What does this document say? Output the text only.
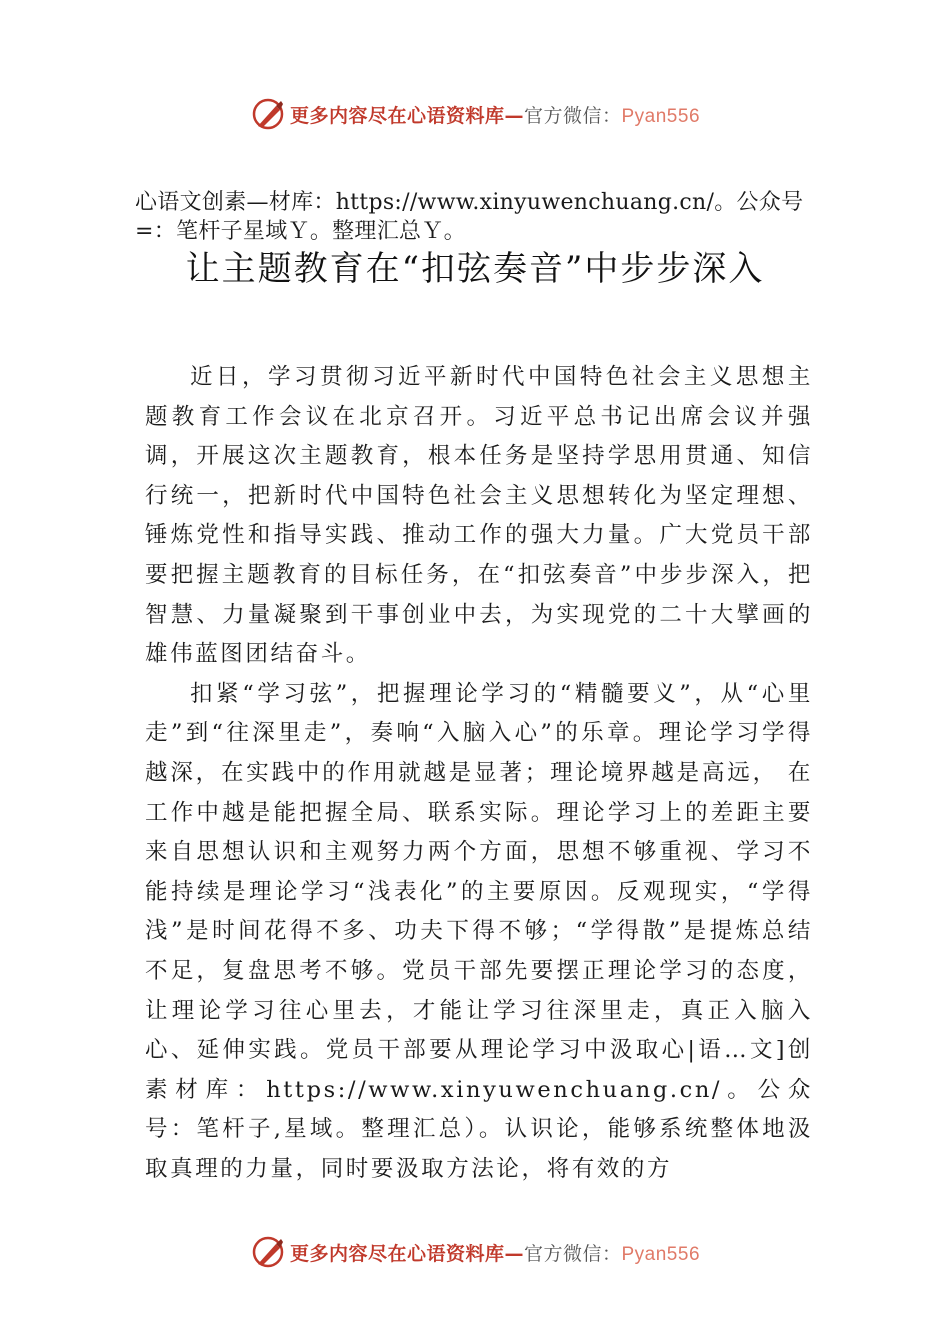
更多内容尽在心语资料库—官方微信：Pyan556
心语文创素—材库：https://www.xinyuwenchuang.cn/。公众号=：笔杆子星域Ｙ。整理汇总Ｙ。
让主题教育在“扣弦奏音”中步步深入

近日，学习贯彻习近平新时代中国特色社会主义思想主题教育工作会议在北京召开。习近平总书记出席会议并强调，开展这次主题教育，根本任务是坚持学思用贯通、知信行统一，把新时代中国特色社会主义思想转化为坚定理想、锤炼党性和指导实践、推动工作的强大力量。广大党员干部要把握主题教育的目标任务，在“扣弦奏音”中步步深入，把智慧、力量凝聚到干事创业中去，为实现党的二十大擘画的雄伟蓝图团结奋斗。

扣紧“学习弦”，把握理论学习的“精髓要义”，从“心里走”到“往深里走”，奏响“入脑入心”的乐章。理论学习学得越深，在实践中的作用就越是显著；理论境界越是高远， 在工作中越是能把握全局、联系实际。理论学习上的差距主要来自思想认识和主观努力两个方面，思想不够重视、学习不能持续是理论学习“浅表化”的主要原因。反观现实，“学得浅”是时间花得不多、功夫下得不够；“学得散”是提炼总结不足，复盘思考不够。党员干部先要摆正理论学习的态度， 让理论学习往心里去，才能让学习往深里走，真正入脑入心、延伸实践。党员干部要从理论学习中汲取心|语…文]创素材库：https://www.xinyuwenchuang.cn/。公众号：笔杆子,星域。整理汇总）。认识论，能够系统整体地汲取真理的力量，同时要汲取方法论，将有效的方

更多内容尽在心语资料库—官方微信：Pyan556
